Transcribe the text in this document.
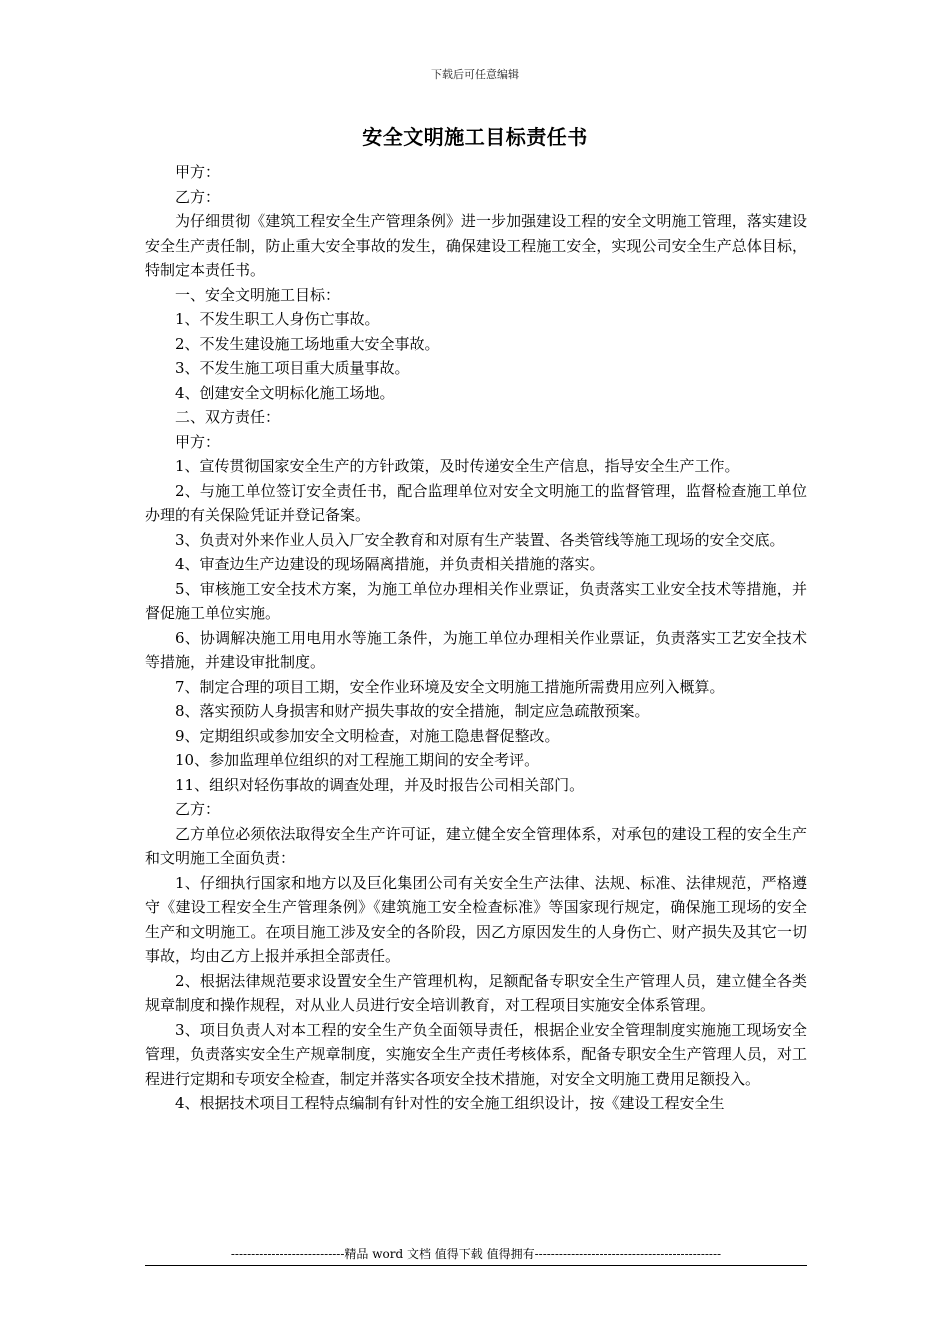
下载后可任意编辑
安全文明施工目标责任书

甲方：

乙方：

为仔细贯彻《建筑工程安全生产管理条例》进一步加强建设工程的安全文明施工管理，落实建设安全生产责任制，防止重大安全事故的发生，确保建设工程施工安全，实现公司安全生产总体目标，特制定本责任书。

一、安全文明施工目标：

1、不发生职工人身伤亡事故。

2、不发生建设施工场地重大安全事故。

3、不发生施工项目重大质量事故。

4、创建安全文明标化施工场地。

二、双方责任：

甲方：

1、宣传贯彻国家安全生产的方针政策，及时传递安全生产信息，指导安全生产工作。

2、与施工单位签订安全责任书，配合监理单位对安全文明施工的监督管理，监督检查施工单位办理的有关保险凭证并登记备案。

3、负责对外来作业人员入厂安全教育和对原有生产装置、各类管线等施工现场的安全交底。

4、审查边生产边建设的现场隔离措施，并负责相关措施的落实。

5、审核施工安全技术方案，为施工单位办理相关作业票证，负责落实工业安全技术等措施，并督促施工单位实施。

6、协调解决施工用电用水等施工条件，为施工单位办理相关作业票证，负责落实工艺安全技术等措施，并建设审批制度。

7、制定合理的项目工期，安全作业环境及安全文明施工措施所需费用应列入概算。

8、落实预防人身损害和财产损失事故的安全措施，制定应急疏散预案。

9、定期组织或参加安全文明检查，对施工隐患督促整改。

10、参加监理单位组织的对工程施工期间的安全考评。

11、组织对轻伤事故的调查处理，并及时报告公司相关部门。

乙方：

乙方单位必须依法取得安全生产许可证，建立健全安全管理体系，对承包的建设工程的安全生产和文明施工全面负责：

1、仔细执行国家和地方以及巨化集团公司有关安全生产法律、法规、标准、法律规范，严格遵守《建设工程安全生产管理条例》《建筑施工安全检查标准》等国家现行规定，确保施工现场的安全生产和文明施工。在项目施工涉及安全的各阶段，因乙方原因发生的人身伤亡、财产损失及其它一切事故，均由乙方上报并承担全部责任。

2、根据法律规范要求设置安全生产管理机构，足额配备专职安全生产管理人员，建立健全各类规章制度和操作规程，对从业人员进行安全培训教育，对工程项目实施安全体系管理。

3、项目负责人对本工程的安全生产负全面领导责任，根据企业安全管理制度实施施工现场安全管理，负责落实安全生产规章制度，实施安全生产责任考核体系，配备专职安全生产管理人员，对工程进行定期和专项安全检查，制定并落实各项安全技术措施，对安全文明施工费用足额投入。

4、根据技术项目工程特点编制有针对性的安全施工组织设计，按《建设工程安全生

----------------------------精品 word 文档 值得下载 值得拥有----------------------------------------------
